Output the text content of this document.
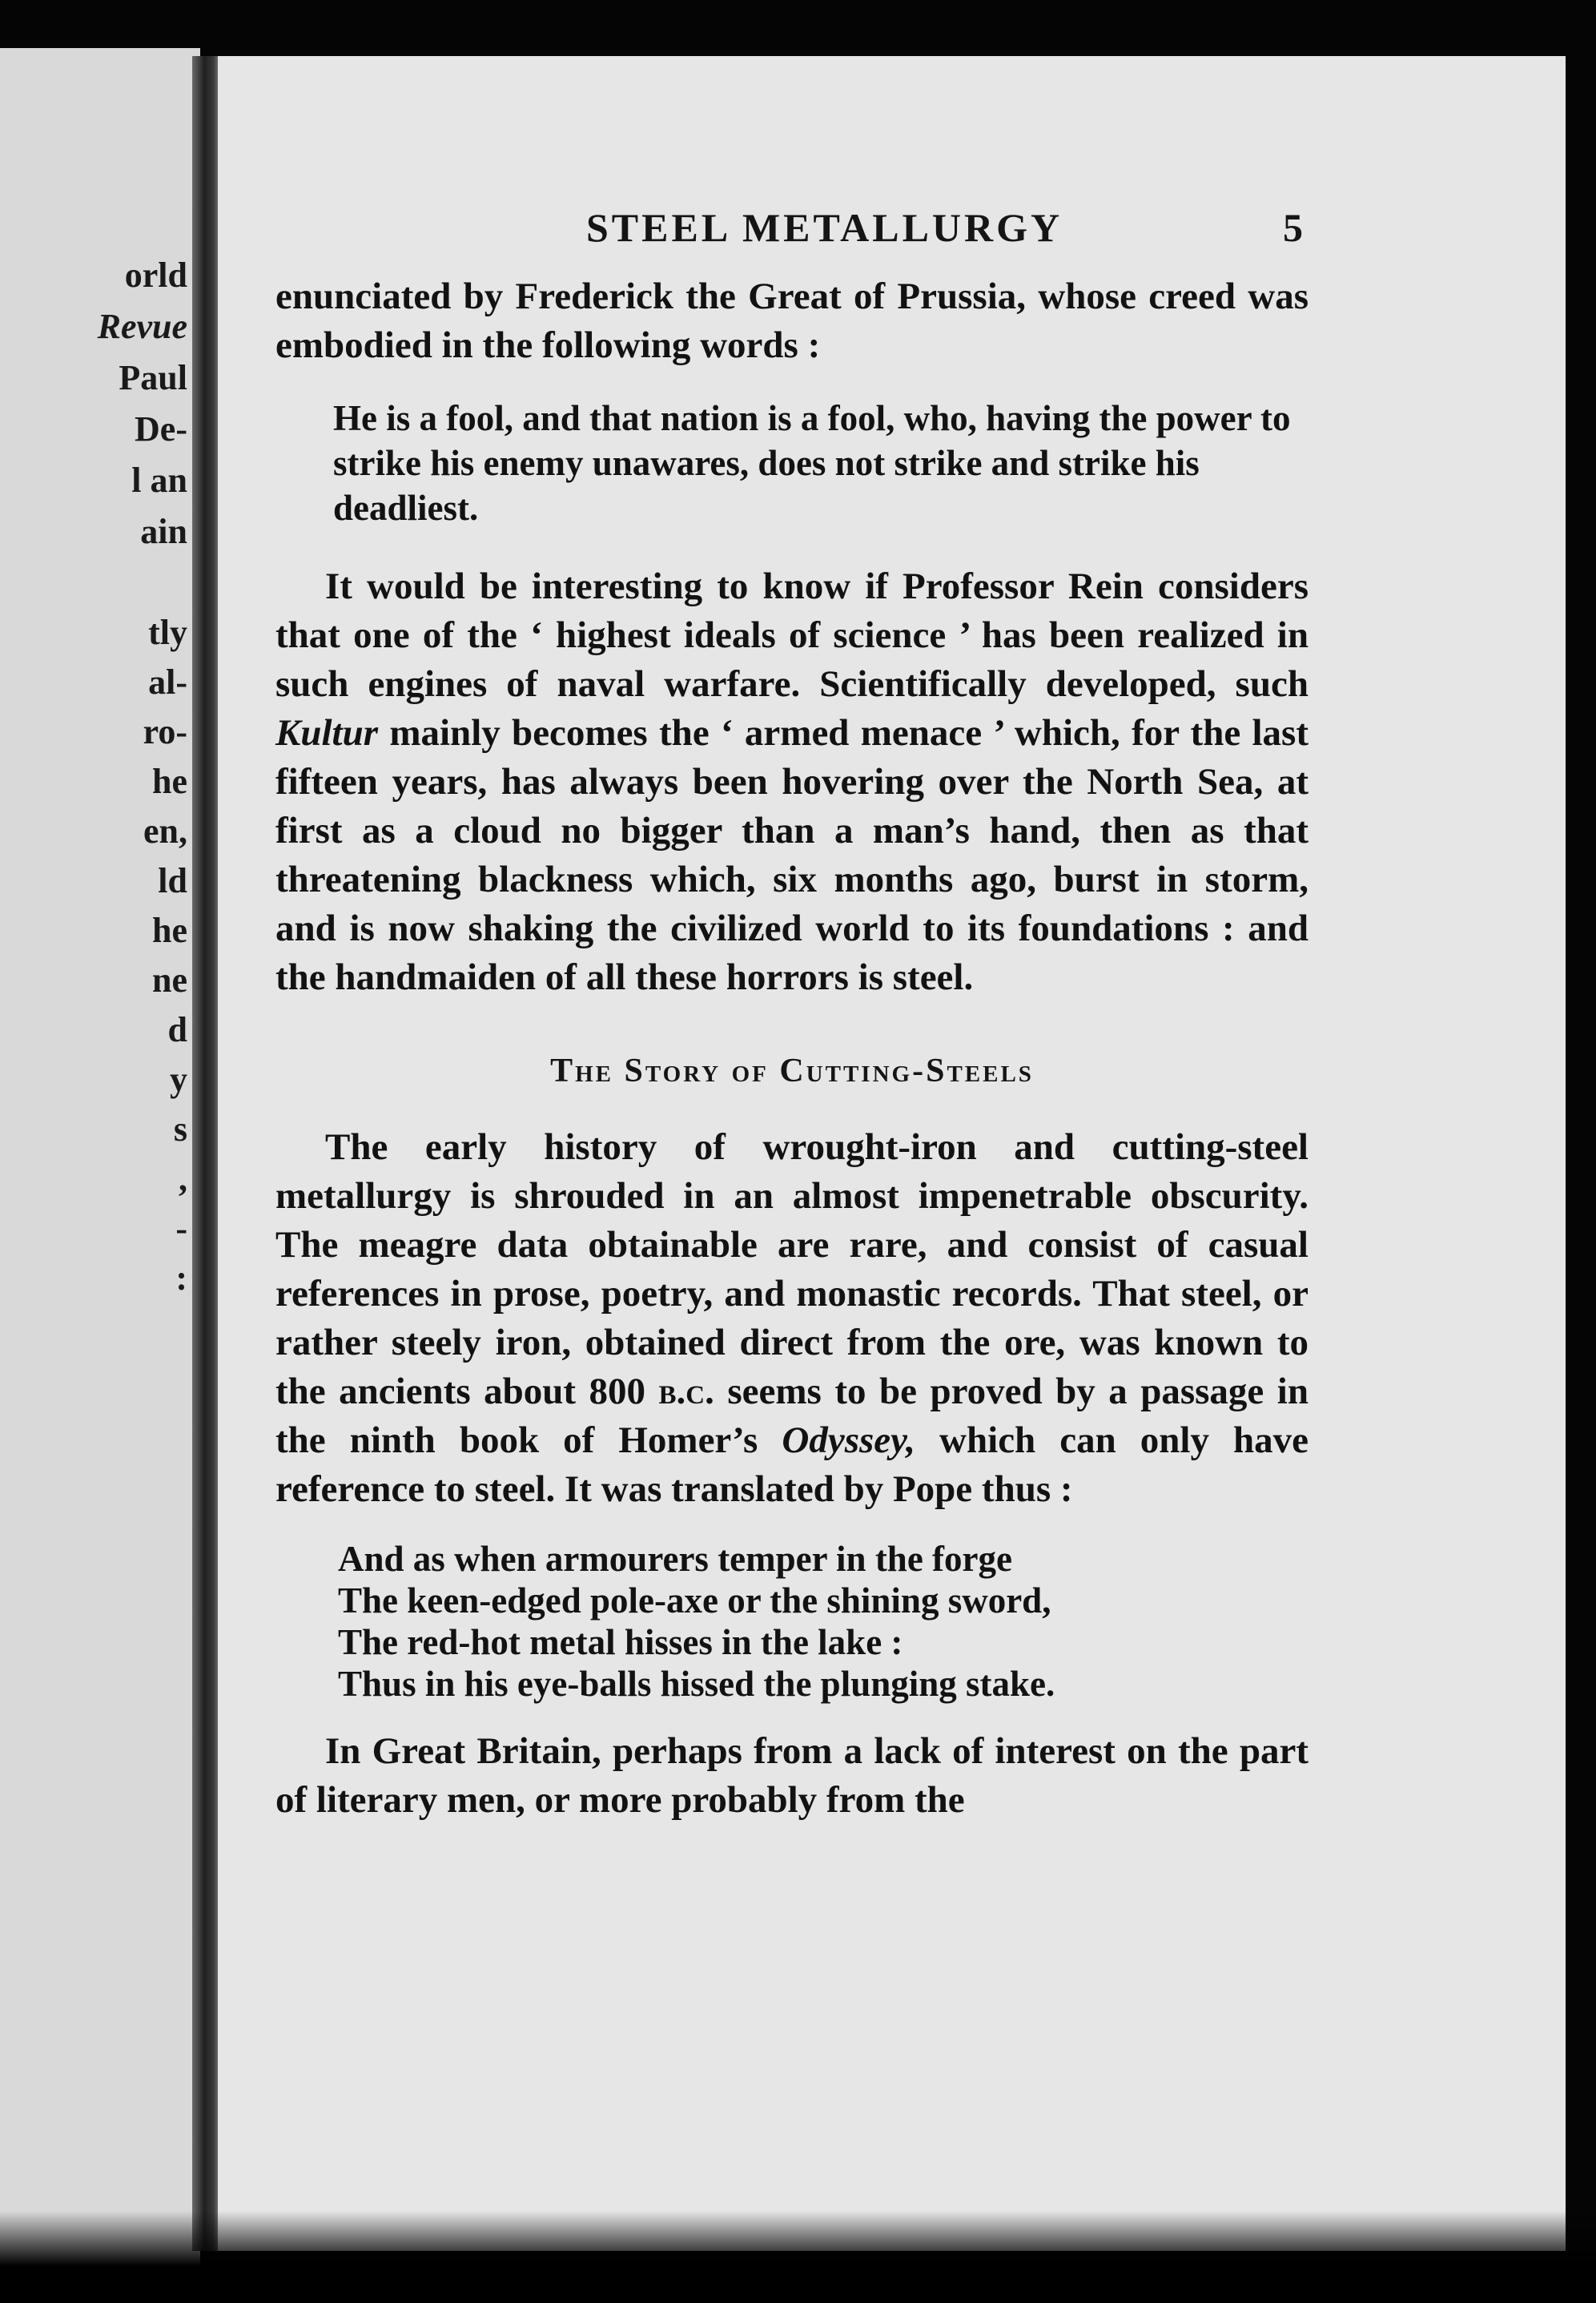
orld
Revue
Paul
De-
l an
ain
tly
al-
ro-
he
en,
ld
he
ne
d
y
s
,
-
:
STEEL METALLURGY	5

enunciated by Frederick the Great of Prussia, whose creed was embodied in the following words :

He is a fool, and that nation is a fool, who, having the power to strike his enemy unawares, does not strike and strike his deadliest.

It would be interesting to know if Professor Rein considers that one of the ‘ highest ideals of science ’ has been realized in such engines of naval warfare. Scientifically developed, such Kultur mainly becomes the ‘ armed menace ’ which, for the last fifteen years, has always been hovering over the North Sea, at first as a cloud no bigger than a man’s hand, then as that threatening blackness which, six months ago, burst in storm, and is now shaking the civilized world to its foundations : and the handmaiden of all these horrors is steel.

The Story of Cutting-Steels

The early history of wrought-iron and cutting-steel metallurgy is shrouded in an almost impenetrable obscurity. The meagre data obtainable are rare, and consist of casual references in prose, poetry, and monastic records. That steel, or rather steely iron, obtained direct from the ore, was known to the ancients about 800 b.c. seems to be proved by a passage in the ninth book of Homer’s Odyssey, which can only have reference to steel. It was translated by Pope thus :

And as when armourers temper in the forge
The keen-edged pole-axe or the shining sword,
The red-hot metal hisses in the lake :
Thus in his eye-balls hissed the plunging stake.

In Great Britain, perhaps from a lack of interest on the part of literary men, or more probably from the
